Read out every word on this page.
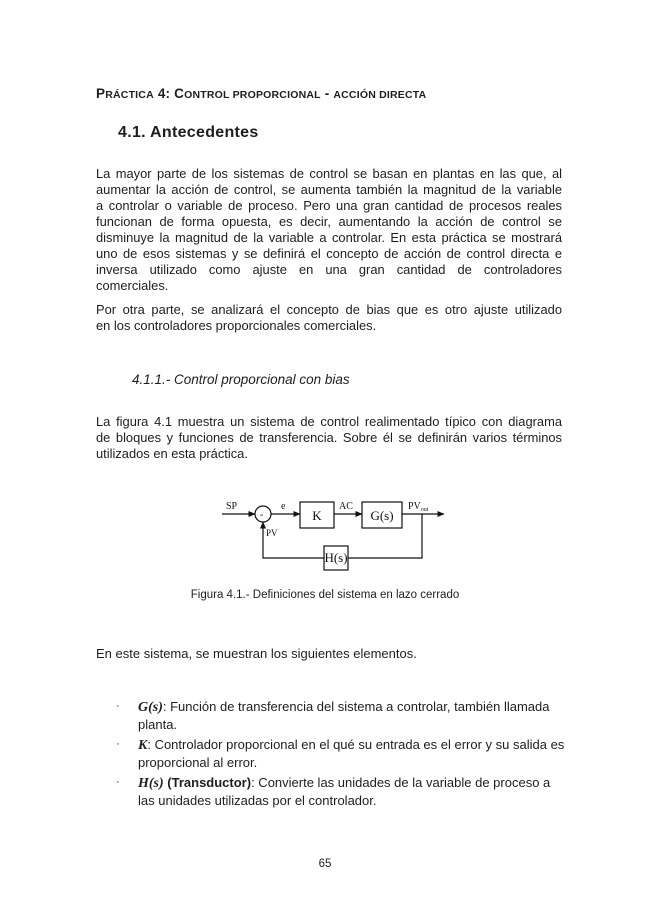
PRÁCTICA 4: CONTROL PROPORCIONAL - ACCIÓN DIRECTA
4.1. Antecedentes
La mayor parte de los sistemas de control se basan en plantas en las que, al
aumentar la acción de control, se aumenta también la magnitud de la variable
a controlar o variable de proceso. Pero una gran cantidad de procesos reales
funcionan de forma opuesta, es decir, aumentando la acción de control se
disminuye la magnitud de la variable a controlar. En esta práctica se mostrará
uno de esos sistemas y se definirá el concepto de acción de control directa e
inversa utilizado como ajuste en una gran cantidad de controladores
comerciales.
Por otra parte, se analizará el concepto de bias que es otro ajuste utilizado
en los controladores proporcionales comerciales.
4.1.1.- Control proporcional con bias
La figura 4.1 muestra un sistema de control realimentado típico con diagrama
de bloques y funciones de transferencia. Sobre él se definirán varios términos
utilizados en esta práctica.
SP
-
e
K
AC
G(s)
$PV_{out}$
PV
H(s)
Figura 4.1.- Definiciones del sistema en lazo cerrado
En este sistema, se muestran los siguientes elementos.
· G(s): Función de transferencia del sistema a controlar, también llamada planta.
· K: Controlador proporcional en el qué su entrada es el error y su salida es proporcional al error.
· H(s) (Transductor): Convierte las unidades de la variable de proceso a las unidades utilizadas por el controlador.
65
